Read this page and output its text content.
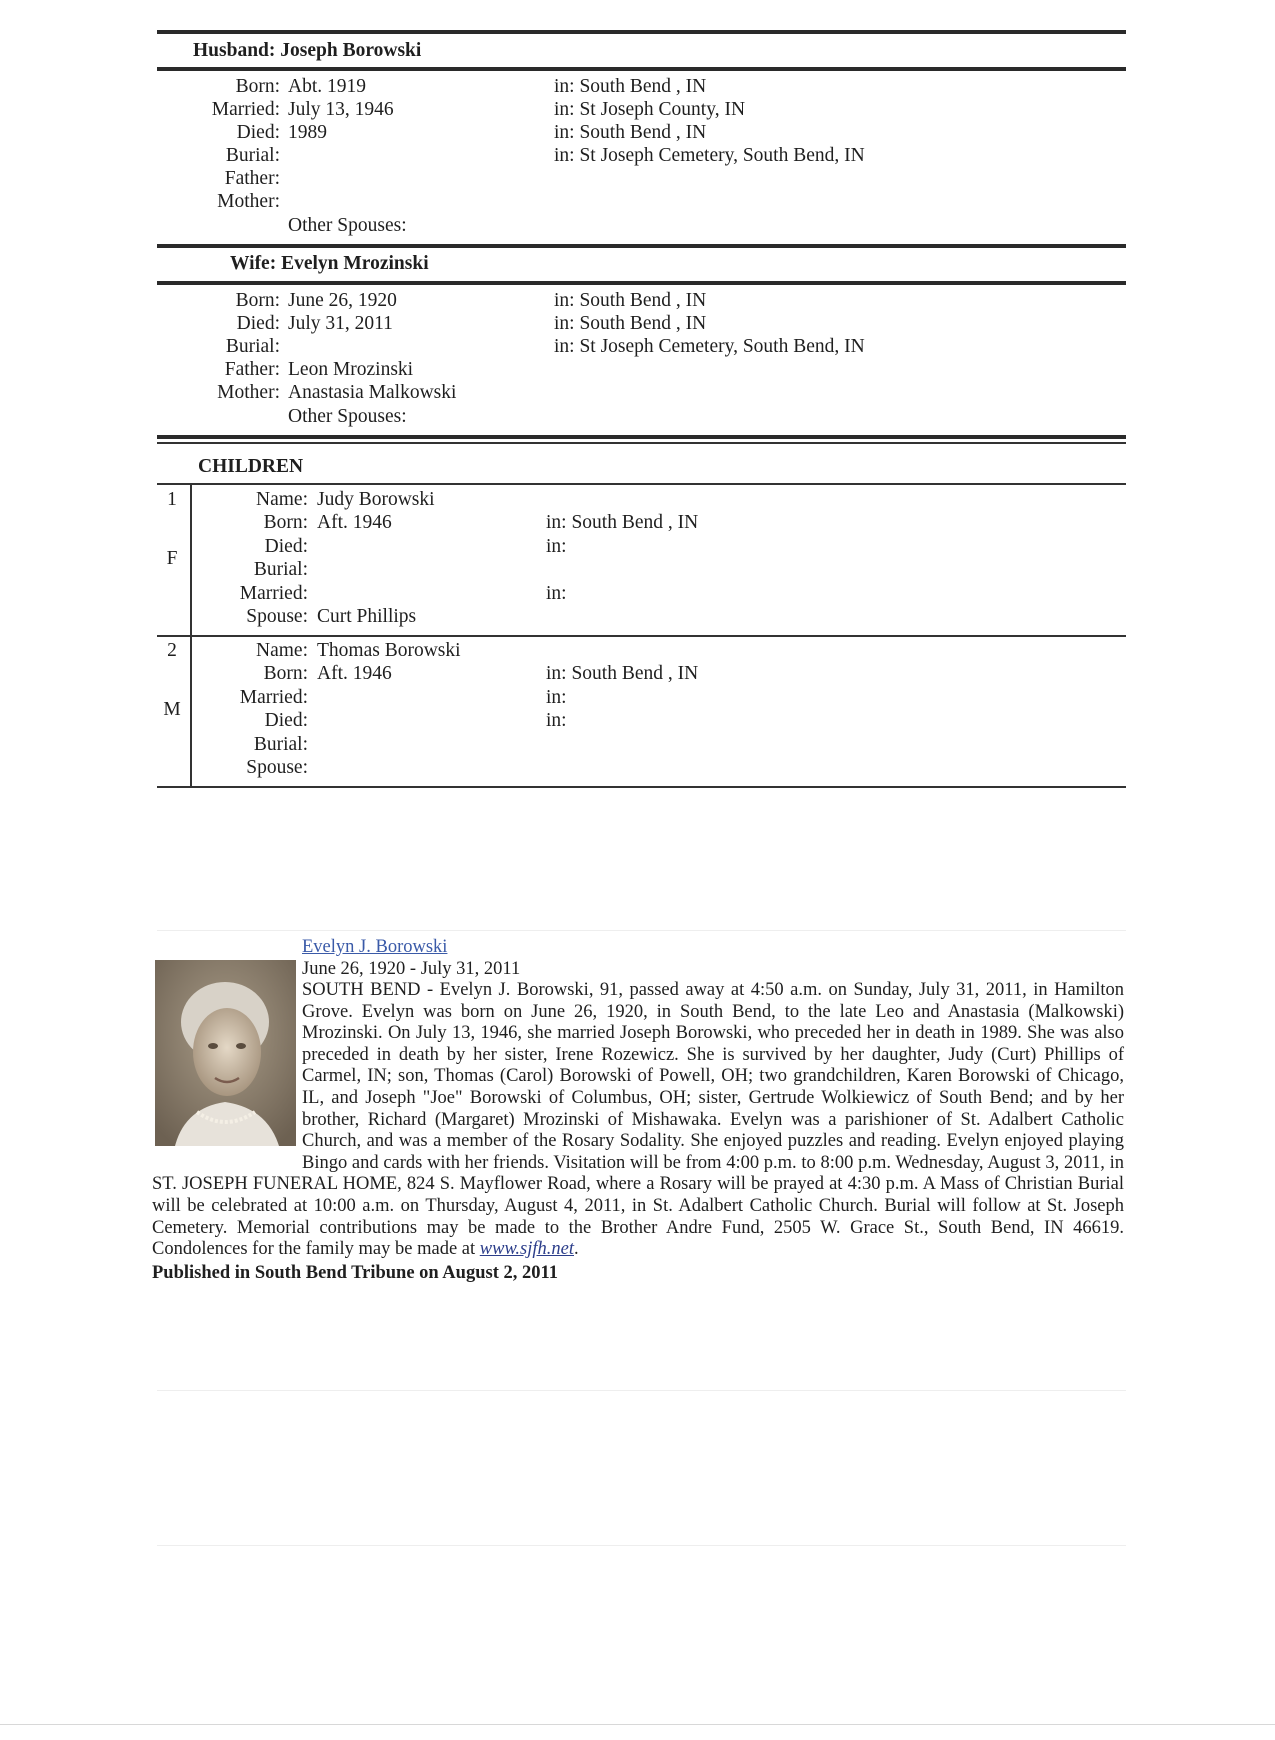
Husband: Joseph Borowski
Born: Abt. 1919	in: South Bend , IN
Married: July 13, 1946	in: St Joseph County, IN
Died: 1989	in: South Bend , IN
Burial:	in: St Joseph Cemetery, South Bend, IN
Father:
Mother:
Other Spouses:
Wife: Evelyn Mrozinski
Born: June 26, 1920	in: South Bend , IN
Died: July 31, 2011	in: South Bend , IN
Burial:	in: St Joseph Cemetery, South Bend, IN
Father: Leon Mrozinski
Mother: Anastasia Malkowski
Other Spouses:
CHILDREN
1
F
Name: Judy Borowski
Born: Aft. 1946	in: South Bend , IN
Died:	in:
Burial:
Married:	in:
Spouse: Curt Phillips
2
M
Name: Thomas Borowski
Born: Aft. 1946	in: South Bend , IN
Married:	in:
Died:	in:
Burial:
Spouse:
Evelyn J. Borowski
June 26, 1920 - July 31, 2011
SOUTH BEND - Evelyn J. Borowski, 91, passed away at 4:50 a.m. on Sunday, July 31, 2011, in Hamilton Grove. Evelyn was born on June 26, 1920, in South Bend, to the late Leo and Anastasia (Malkowski) Mrozinski. On July 13, 1946, she married Joseph Borowski, who preceded her in death in 1989. She was also preceded in death by her sister, Irene Rozewicz. She is survived by her daughter, Judy (Curt) Phillips of Carmel, IN; son, Thomas (Carol) Borowski of Powell, OH; two grandchildren, Karen Borowski of Chicago, IL, and Joseph "Joe" Borowski of Columbus, OH; sister, Gertrude Wolkiewicz of South Bend; and by her brother, Richard (Margaret) Mrozinski of Mishawaka. Evelyn was a parishioner of St. Adalbert Catholic Church, and was a member of the Rosary Sodality. She enjoyed puzzles and reading. Evelyn enjoyed playing Bingo and cards with her friends. Visitation will be from 4:00 p.m. to 8:00 p.m. Wednesday, August 3, 2011, in ST. JOSEPH FUNERAL HOME, 824 S. Mayflower Road, where a Rosary will be prayed at 4:30 p.m. A Mass of Christian Burial will be celebrated at 10:00 a.m. on Thursday, August 4, 2011, in St. Adalbert Catholic Church. Burial will follow at St. Joseph Cemetery. Memorial contributions may be made to the Brother Andre Fund, 2505 W. Grace St., South Bend, IN 46619. Condolences for the family may be made at www.sjfh.net.
Published in South Bend Tribune on August 2, 2011
